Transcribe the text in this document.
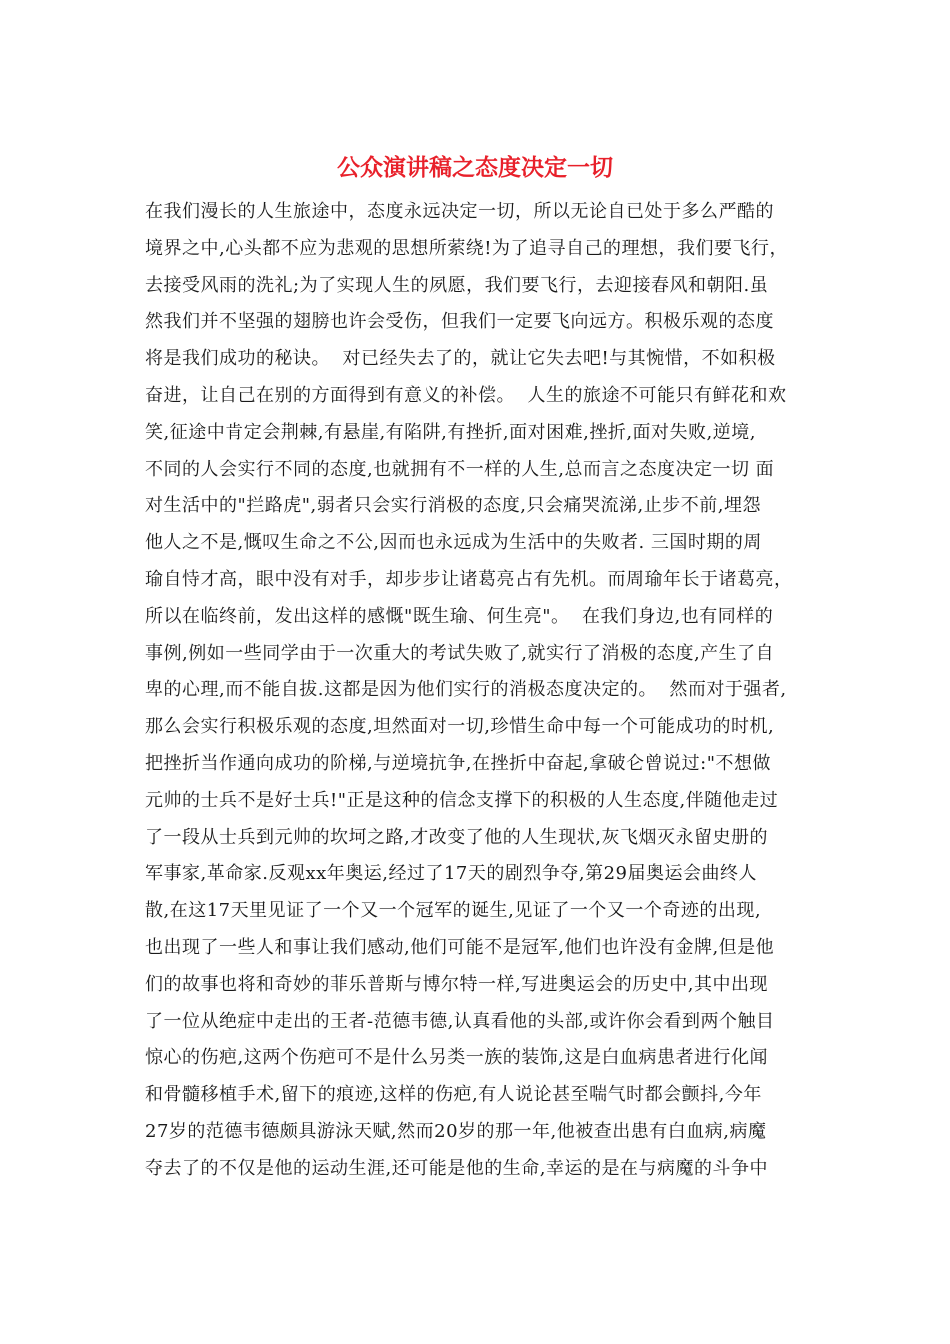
公众演讲稿之态度决定一切
在我们漫长的人生旅途中，态度永远决定一切，所以无论自已处于多么严酷的
境界之中,心头都不应为悲观的思想所萦绕!为了追寻自己的理想，我们要飞行，
去接受风雨的洗礼;为了实现人生的夙愿，我们要飞行，去迎接春风和朝阳.虽
然我们并不坚强的翅膀也许会受伤，但我们一定要飞向远方。积极乐观的态度
将是我们成功的秘诀。  对已经失去了的，就让它失去吧!与其惋惜，不如积极
奋进，让自己在别的方面得到有意义的补偿。  人生的旅途不可能只有鲜花和欢
笑,征途中肯定会荆棘,有悬崖,有陷阱,有挫折,面对困难,挫折,面对失败,逆境,
不同的人会实行不同的态度,也就拥有不一样的人生,总而言之态度决定一切 面
对生活中的"拦路虎",弱者只会实行消极的态度,只会痛哭流涕,止步不前,埋怨
他人之不是,慨叹生命之不公,因而也永远成为生活中的失败者. 三国时期的周
瑜自恃才高，眼中没有对手，却步步让诸葛亮占有先机。而周瑜年长于诸葛亮，
所以在临终前，发出这样的感慨"既生瑜、何生亮"。  在我们身边,也有同样的
事例,例如一些同学由于一次重大的考试失败了,就实行了消极的态度,产生了自
卑的心理,而不能自拔.这都是因为他们实行的消极态度决定的。  然而对于强者,
那么会实行积极乐观的态度,坦然面对一切,珍惜生命中每一个可能成功的时机,
把挫折当作通向成功的阶梯,与逆境抗争,在挫折中奋起,拿破仑曾说过:"不想做
元帅的士兵不是好士兵!"正是这种的信念支撑下的积极的人生态度,伴随他走过
了一段从士兵到元帅的坎坷之路,才改变了他的人生现状,灰飞烟灭永留史册的
军事家,革命家.反观xx年奥运,经过了17天的剧烈争夺,第29届奥运会曲终人
散,在这17天里见证了一个又一个冠军的诞生,见证了一个又一个奇迹的出现,
也出现了一些人和事让我们感动,他们可能不是冠军,他们也许没有金牌,但是他
们的故事也将和奇妙的菲乐普斯与博尔特一样,写进奥运会的历史中,其中出现
了一位从绝症中走出的王者-范德韦德,认真看他的头部,或许你会看到两个触目
惊心的伤疤,这两个伤疤可不是什么另类一族的装饰,这是白血病患者进行化闻
和骨髓移植手术,留下的痕迹,这样的伤疤,有人说论甚至喘气时都会颤抖,今年
27岁的范德韦德颇具游泳天赋,然而20岁的那一年,他被查出患有白血病,病魔
夺去了的不仅是他的运动生涯,还可能是他的生命,幸运的是在与病魔的斗争中
